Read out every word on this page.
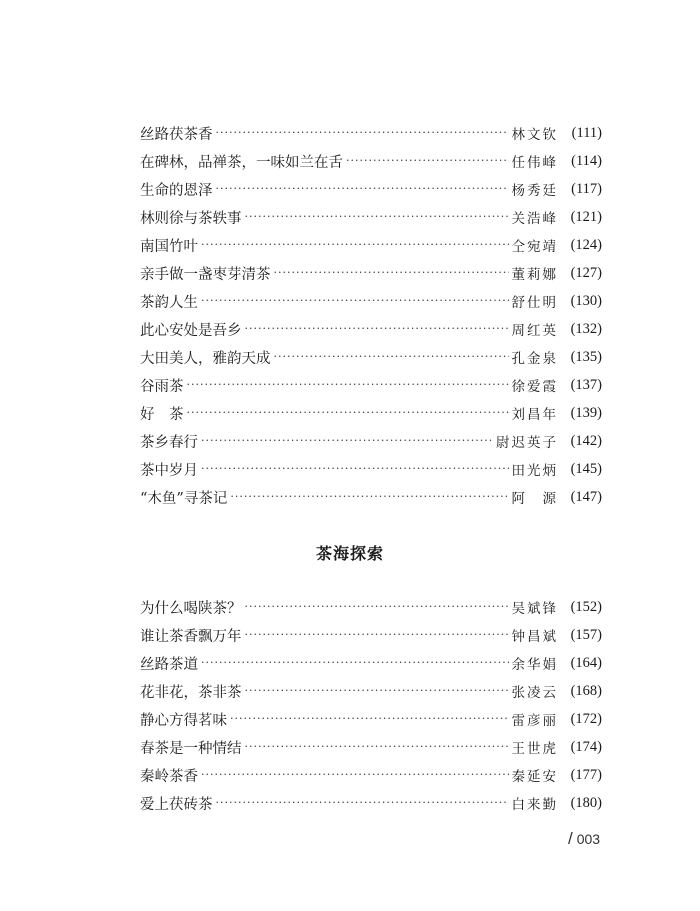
丝路茯茶香 ·····	林文钦 (111)
在碑林，品禅茶，一味如兰在舌 ·····	任伟峰 (114)
生命的恩泽 ·····	杨秀廷 (117)
林则徐与茶轶事 ·····	关浩峰 (121)
南国竹叶 ·····	仝宛靖 (124)
亲手做一盏枣芽清茶 ·····	董莉娜 (127)
茶韵人生 ·····	舒仕明 (130)
此心安处是吾乡 ·····	周红英 (132)
大田美人，雅韵天成 ·····	孔金泉 (135)
谷雨茶 ·····	徐爱霞 (137)
好　茶 ·····	刘昌年 (139)
茶乡春行 ·····	尉迟英子 (142)
茶中岁月 ·····	田光炳 (145)
“木鱼”寻茶记 ·····	阿　源 (147)
茶海探索
为什么喝陕茶？ ·····	吴斌锋 (152)
谁让茶香飘万年 ·····	钟昌斌 (157)
丝路茶道 ·····	余华娟 (164)
花非花，茶非茶 ·····	张凌云 (168)
静心方得茗味 ·····	雷彦丽 (172)
春茶是一种情结 ·····	王世虎 (174)
秦岭茶香 ·····	秦延安 (177)
爱上茯砖茶 ·····	白来勤 (180)
/ 003
